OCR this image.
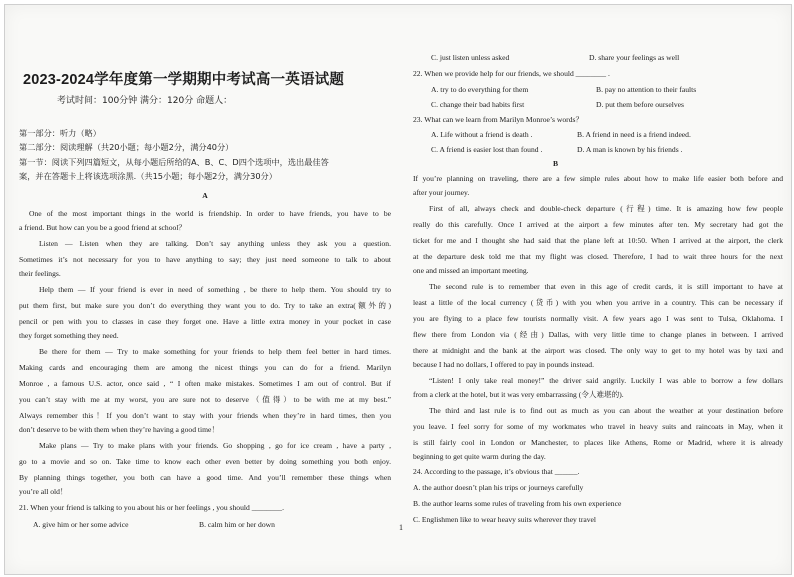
2023-2024学年度第一学期期中考试高一英语试题
考试时间：100分钟 满分：120分 命题人：
第一部分：听力（略）
第二部分：阅读理解（共20小题；每小题2分，满分40分）
第一节：阅读下列四篇短文，从每小题后所给的A、B、C、D四个选项中，选出最佳答
案，并在答题卡上将该选项涂黑.（共15小题；每小题2分，满分30分）
A
One of the most important things in the world is friendship. In order to have friends, you have to be
a friend. But how can you be a good friend at school？
Listen — Listen when they are talking. Don’t say anything unless they ask you a question.
Sometimes it’s not necessary for you to have anything to say; they just need someone to talk to about
their feelings.
Help them — If your friend is ever in need of something , be there to help them. You should try to
put them first, but make sure you don’t do everything they want you to do. Try to take an extra(额外的)
pencil or pen with you to classes in case they forget one. Have a little extra money in your pocket in case
they forget something they need.
Be there for them — Try to make something for your friends to help them feel better in hard times.
Making cards and encouraging them are among the nicest things you can do for a friend. Marilyn
Monroe , a famous U.S. actor, once said , “ I often make mistakes. Sometimes I am out of control. But if
you can’t stay with me at my worst, you are sure not to deserve（值得）to be with me at my best.”
Always remember this！If you don’t want to stay with your friends when they’re in hard times, then you
don’t deserve to be with them when they’re having a good time！
Make plans — Try to make plans with your friends. Go shopping , go for ice cream , have a party ,
go to a movie and so on. Take time to know each other even better by doing something you both enjoy.
By planning things together, you both can have a good time. And you’ll remember these things when
you’re all old！
21. When your friend is talking to you about his or her feelings , you should ________.
A. give him or her some advice	B. calm him or her down
C. just listen unless asked	D. share your feelings as well
22. When we provide help for our friends, we should ________ .
A. try to do everything for them	B. pay no attention to their faults
C. change their bad habits first	D. put them before ourselves
23. What can we learn from Marilyn Monroe’s words？
A. Life without a friend is death .	B. A friend in need is a friend indeed.
C. A friend is easier lost than found .	D. A man is known by his friends .
B
If you’re planning on traveling, there are a few simple rules about how to make life easier both before and
after your journey.
First of all, always check and double-check departure (行程) time. It is amazing how few people
really do this carefully. Once I arrived at the airport a few minutes after ten. My secretary had got the
ticket for me and I thought she had said that the plane left at 10:50. When I arrived at the airport, the clerk
at the departure desk told me that my flight was closed. Therefore, I had to wait three hours for the next
one and missed an important meeting.
The second rule is to remember that even in this age of credit cards, it is still important to have at
least a little of the local currency (货币) with you when you arrive in a country. This can be necessary if
you are flying to a place few tourists normally visit. A few years ago I was sent to Tulsa, Oklahoma. I
flew there from London via (经由) Dallas, with very little time to change planes in between. I arrived
there at midnight and the bank at the airport was closed. The only way to get to my hotel was by taxi and
because I had no dollars, I offered to pay in pounds instead.
“Listen! I only take real money!” the driver said angrily. Luckily I was able to borrow a few dollars
from a clerk at the hotel, but it was very embarrassing (令人难堪的).
The third and last rule is to find out as much as you can about the weather at your destination before
you leave. I feel sorry for some of my workmates who travel in heavy suits and raincoats in May, when it
is still fairly cool in London or Manchester, to places like Athens, Rome or Madrid, where it is already
beginning to get quite warm during the day.
24. According to the passage, it’s obvious that ______.
A. the author doesn’t plan his trips or journeys carefully
B. the author learns some rules of traveling from his own experience
C. Englishmen like to wear heavy suits wherever they travel
1
